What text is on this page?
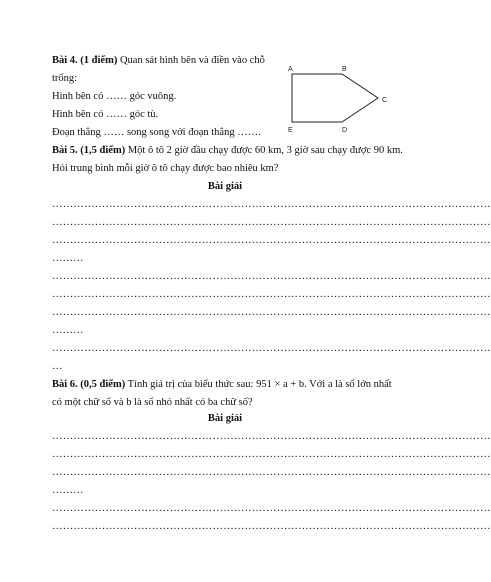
Bài 4. (1 điểm) Quan sát hình bên và điền vào chỗ
trống:
Hình bên có …… góc vuông.
Hình bên có …… góc tù.
Đoạn thẳng …… song song với đoạn thẳng …….
A	B
C
D
E
Bài 5. (1,5 điểm) Một ô tô 2 giờ đầu chạy được 60 km, 3 giờ sau chạy được 90 km.
Hỏi trung bình mỗi giờ ô tô chạy được bao nhiêu km?
Bài giải
……………………………………………………………………………………………………………
……………………………………………………………………………………………………………
……………………………………………………………………………………………………………
………
……………………………………………………………………………………………………………
……………………………………………………………………………………………………………
……………………………………………………………………………………………………………
………
……………………………………………………………………………………………………………
…
Bài 6. (0,5 điểm) Tính giá trị của biểu thức sau: 951 × a + b. Với a là số lớn nhất
có một chữ số và b là số nhỏ nhất có ba chữ số?
Bài giải
……………………………………………………………………………………………………………
……………………………………………………………………………………………………………
……………………………………………………………………………………………………………
………
……………………………………………………………………………………………………………
……………………………………………………………………………………………………………
